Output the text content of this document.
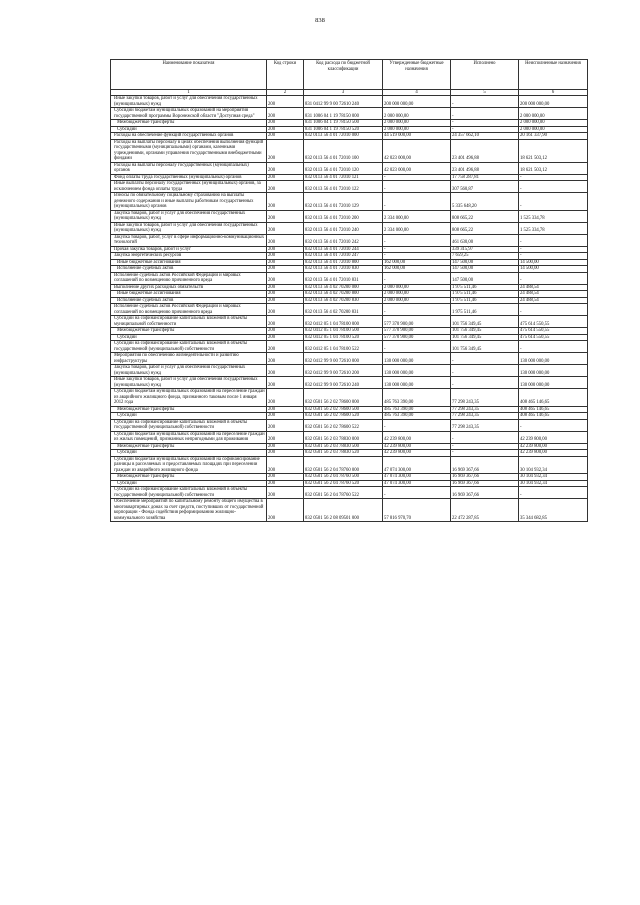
838
Наименование показателя	Код строки	Код расхода по бюджетной классификации	Утвержденные бюджетные назначения	Исполнено	Неисполненные назначения
1	2	3	4	5	6
Иные закупки товаров, работ и услуг для обеспечения государственных (муниципальных) нужд	200	831 0412 99 9 00 72610 240	200 000 000,00	-	200 000 000,00
Субсидии бюджетам муниципальных образований на мероприятия государственной программы Воронежской области "Доступная среда"	200	831 1006 04 1 19 78150 000	2 000 000,00	-	2 000 000,00
Межбюджетные трансферты	200	831 1006 04 1 19 78150 500	2 000 000,00	-	2 000 000,00
Субсидии	200	831 1006 04 1 19 78150 520	2 000 000,00	-	2 000 000,00
Расходы на обеспечение функций государственных органов	200	832 0113 56 4 01 72010 000	44 519 000,00	24 357 662,10	20 161 337,90
Расходы на выплаты персоналу в целях обеспечения выполнения функций государственными (муниципальными) органами, казенными учреждениями, органами управления государственными внебюджетными фондами	200	832 0113 56 4 01 72010 100	42 023 000,00	23 401 496,88	18 621 503,12
Расходы на выплаты персоналу государственных (муниципальных) органов	200	832 0113 56 4 01 72010 120	42 023 000,00	23 401 496,88	18 621 503,12
Фонд оплаты труда государственных (муниципальных) органов	200	832 0113 56 4 01 72010 121	-	17 758 287,81	-
Иные выплаты персоналу государственных (муниципальных) органов, за исключением фонда оплаты труда	200	832 0113 56 4 01 72010 122	-	307 560,87	-
Взносы по обязательному социальному страхованию на выплаты денежного содержания и иные выплаты работникам государственных (муниципальных) органов	200	832 0113 56 4 01 72010 129	-	5 335 648,20	-
Закупка товаров, работ и услуг для обеспечения государственных (муниципальных) нужд	200	832 0113 56 4 01 72010 200	2 334 000,00	808 665,22	1 525 334,78
Иные закупки товаров, работ и услуг для обеспечения государственных (муниципальных) нужд	200	832 0113 56 4 01 72010 240	2 334 000,00	808 665,22	1 525 334,78
Закупка товаров, работ, услуг в сфере информационно-коммуникационных технологий	200	832 0113 56 4 01 72010 242	-	461 630,00	-
Прочая закупка товаров, работ и услуг	200	832 0113 56 4 01 72010 244	-	339 315,97	-
Закупка энергетических ресурсов	200	832 0113 56 4 01 72010 247	-	7 659,25	-
Иные бюджетные ассигнования	200	832 0113 56 4 01 72010 800	162 000,00	147 500,00	14 500,00
Исполнение судебных актов	200	832 0113 56 4 01 72010 830	162 000,00	147 500,00	14 500,00
Исполнение судебных актов Российской Федерации и мировых соглашений по возмещению причиненного вреда	200	832 0113 56 4 01 72010 831	-	147 500,00	-
Выполнение других расходных обязательств	200	832 0113 56 4 02 70200 000	2 000 000,00	1 975 511,46	24 488,54
Иные бюджетные ассигнования	200	832 0113 56 4 02 70200 800	2 000 000,00	1 975 511,46	24 488,54
Исполнение судебных актов	200	832 0113 56 4 02 70200 830	2 000 000,00	1 975 511,46	24 488,54
Исполнение судебных актов Российской Федерации и мировых соглашений по возмещению причиненного вреда	200	832 0113 56 4 02 70200 831	-	1 975 511,46	-
Субсидии на софинансирование капитальных вложений в объекты муниципальной собственности	200	832 0412 05 1 04 78100 000	577 370 900,00	101 756 349,45	475 614 550,55
Межбюджетные трансферты	200	832 0412 05 1 04 78100 500	577 370 900,00	101 756 349,45	475 614 550,55
Субсидии	200	832 0412 05 1 04 78100 520	577 370 900,00	101 756 349,45	475 614 550,55
Субсидии на софинансирование капитальных вложений в объекты государственной (муниципальной) собственности	200	832 0412 05 1 04 78100 522	-	101 756 349,45	-
Мероприятия по обеспечению жизнедеятельности и развитию инфраструктуры	200	832 0412 99 9 00 72610 000	130 000 000,00	-	130 000 000,00
Закупка товаров, работ и услуг для обеспечения государственных (муниципальных) нужд	200	832 0412 99 9 00 72610 200	130 000 000,00	-	130 000 000,00
Иные закупки товаров, работ и услуг для обеспечения государственных (муниципальных) нужд	200	832 0412 99 9 00 72610 240	130 000 000,00	-	130 000 000,00
Субсидии бюджетам муниципальных образований на переселение граждан из аварийного жилищного фонда, признанного таковым после 1 января 2012 года	200	832 0501 56 2 02 78600 000	485 763 390,00	77 298 243,35	408 465 146,65
Межбюджетные трансферты	200	832 0501 56 2 02 78600 500	485 763 390,00	77 298 243,35	408 465 146,65
Субсидии	200	832 0501 56 2 02 78600 520	485 763 390,00	77 298 243,35	408 465 146,65
Субсидии на софинансирование капитальных вложений в объекты государственной (муниципальной) собственности	200	832 0501 56 2 02 78600 522	-	77 298 243,35	-
Субсидии бюджетам муниципальных образований на переселение граждан из жилых помещений, признанных непригодными для проживания	200	832 0501 56 2 03 78830 000	42 239 800,00	-	42 239 800,00
Межбюджетные трансферты	200	832 0501 56 2 03 78830 500	42 239 800,00	-	42 239 800,00
Субсидии	200	832 0501 56 2 03 78830 520	42 239 800,00	-	42 239 800,00
Субсидии бюджетам муниципальных образований на софинансирование разницы в расселяемых и предоставляемых площадях при переселении граждан из аварийного жилищного фонда	200	832 0501 56 2 04 78760 000	47 074 300,00	16 969 367,66	30 104 932,34
Межбюджетные трансферты	200	832 0501 56 2 04 78760 500	47 074 300,00	16 969 367,66	30 104 932,34
Субсидии	200	832 0501 56 2 04 78760 520	47 074 300,00	16 969 367,66	30 104 932,34
Субсидии на софинансирование капитальных вложений в объекты государственной (муниципальной) собственности	200	832 0501 56 2 04 78760 522	-	16 969 367,66	-
Обеспечение мероприятий по капитальному ремонту общего имущества в многоквартирных домах за счет средств, поступивших от государственной корпорации - Фонда содействия реформированию жилищно-коммунального хозяйства	200	832 0501 56 2 08 09501 000	57 816 970,70	22 472 287,85	35 344 682,85
